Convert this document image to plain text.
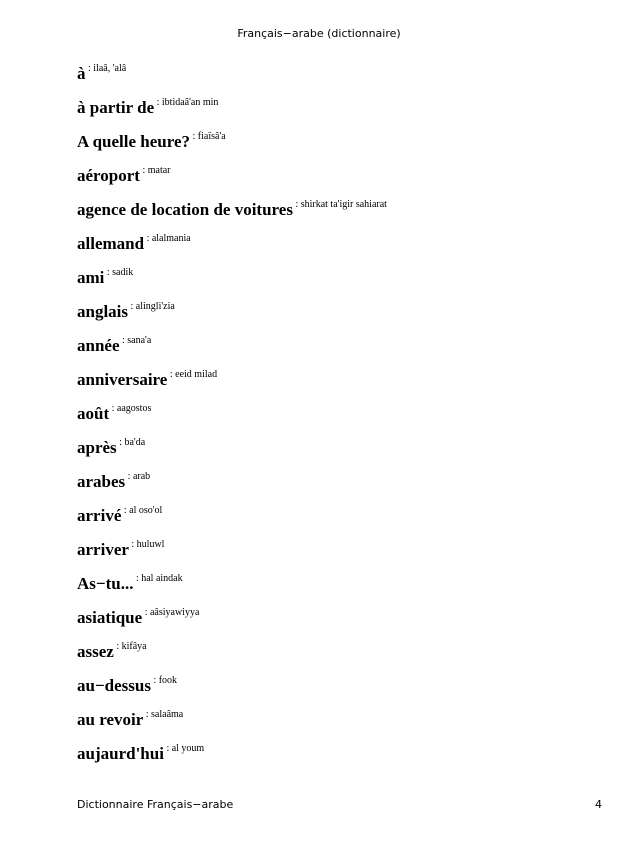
Français−arabe (dictionnaire)
à $^{: ilaâ, 'alâ}$
à partir de $^{: ibtidaâ'an min}$
A quelle heure? $^{: fiaïsâ'a}$
aéroport $^{: matar}$
agence de location de voitures $^{: shirkat ta'igir sahiarat}$
allemand $^{: alalmania}$
ami $^{: sadik}$
anglais $^{: alingli'zia}$
année $^{: sana'a}$
anniversaire $^{: eeid milad}$
août $^{: aagostos}$
après $^{: ba'da}$
arabes $^{: arab}$
arrivé $^{: al oso'ol}$
arriver $^{: huluwl}$
As−tu... $^{: hal aindak}$
asiatique $^{: aâsiyawiyya}$
assez $^{: kifâya}$
au−dessus $^{: fook}$
au revoir $^{: salaâma}$
aujaurd'hui $^{: al youm}$
Dictionnaire Français−arabe	4
